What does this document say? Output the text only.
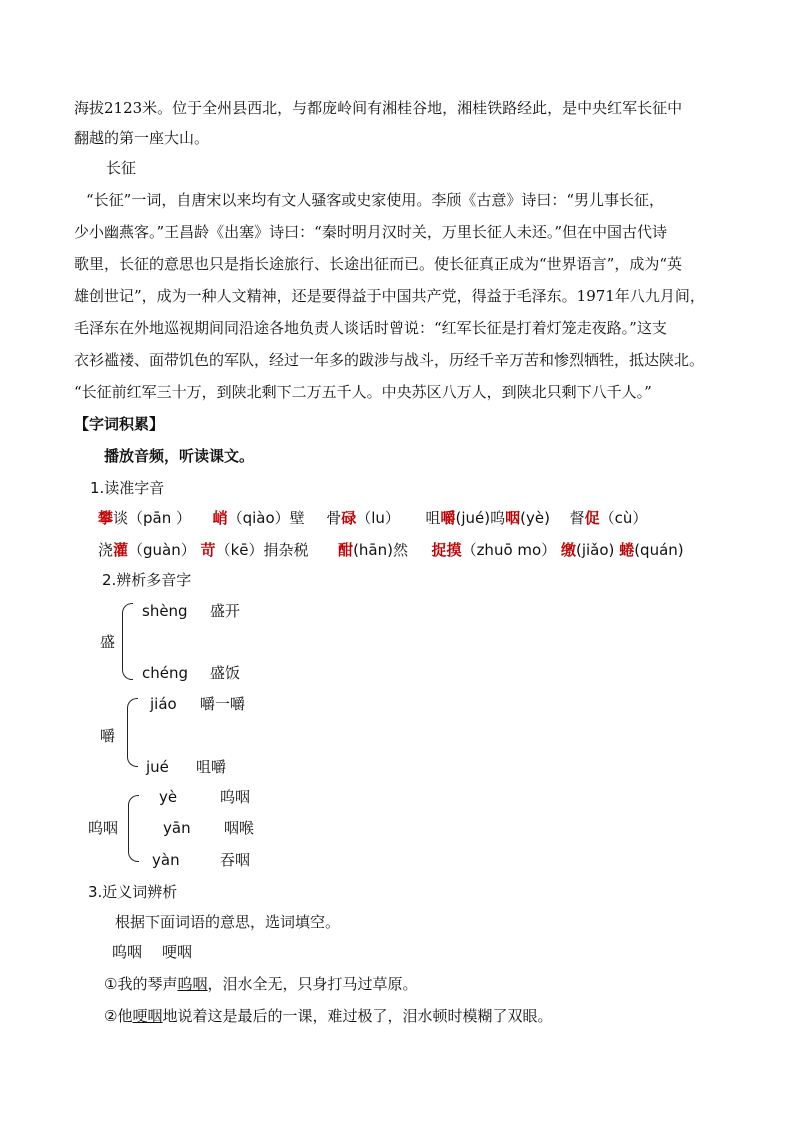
海拔2123米。位于全州县西北，与都庞岭间有湘桂谷地，湘桂铁路经此，是中央红军长征中
翻越的第一座大山。
长征
“长征”一词，自唐宋以来均有文人骚客或史家使用。李颀《古意》诗曰：“男儿事长征，
少小幽燕客。”王昌龄《出塞》诗曰：“秦时明月汉时关，万里长征人未还。”但在中国古代诗
歌里，长征的意思也只是指长途旅行、长途出征而已。使长征真正成为“世界语言”，成为“英
雄创世记”，成为一种人文精神，还是要得益于中国共产党，得益于毛泽东。1971年八九月间，
毛泽东在外地巡视期间同沿途各地负责人谈话时曾说：“红军长征是打着灯笼走夜路。”这支
衣衫褴褛、面带饥色的军队，经过一年多的跋涉与战斗，历经千辛万苦和惨烈牺牲，抵达陕北。
“长征前红军三十万，到陕北剩下二万五千人。中央苏区八万人，到陕北只剩下八千人。”
【字词积累】
播放音频，听读课文。
1.读准字音
攀谈（pān ） 峭（qiào）壁 骨碌（lu） 咀嚼(jué)呜咽(yè) 督促（cù）
浇灌（guàn） 苛（kē）捐杂税 酣(hān)然 捉摸（zhuō mo） 缴(jiǎo) 蜷(quán)
2.辨析多音字
盛
shèng 盛开
chéng 盛饭
嚼
jiáo 嚼一嚼
jué 咀嚼
呜咽
yè	呜咽
yān 咽喉
yàn	吞咽
3.近义词辨析
根据下面词语的意思，选词填空。
呜咽 哽咽
①我的琴声呜咽，泪水全无，只身打马过草原。
②他哽咽地说着这是最后的一课，难过极了，泪水顿时模糊了双眼。
